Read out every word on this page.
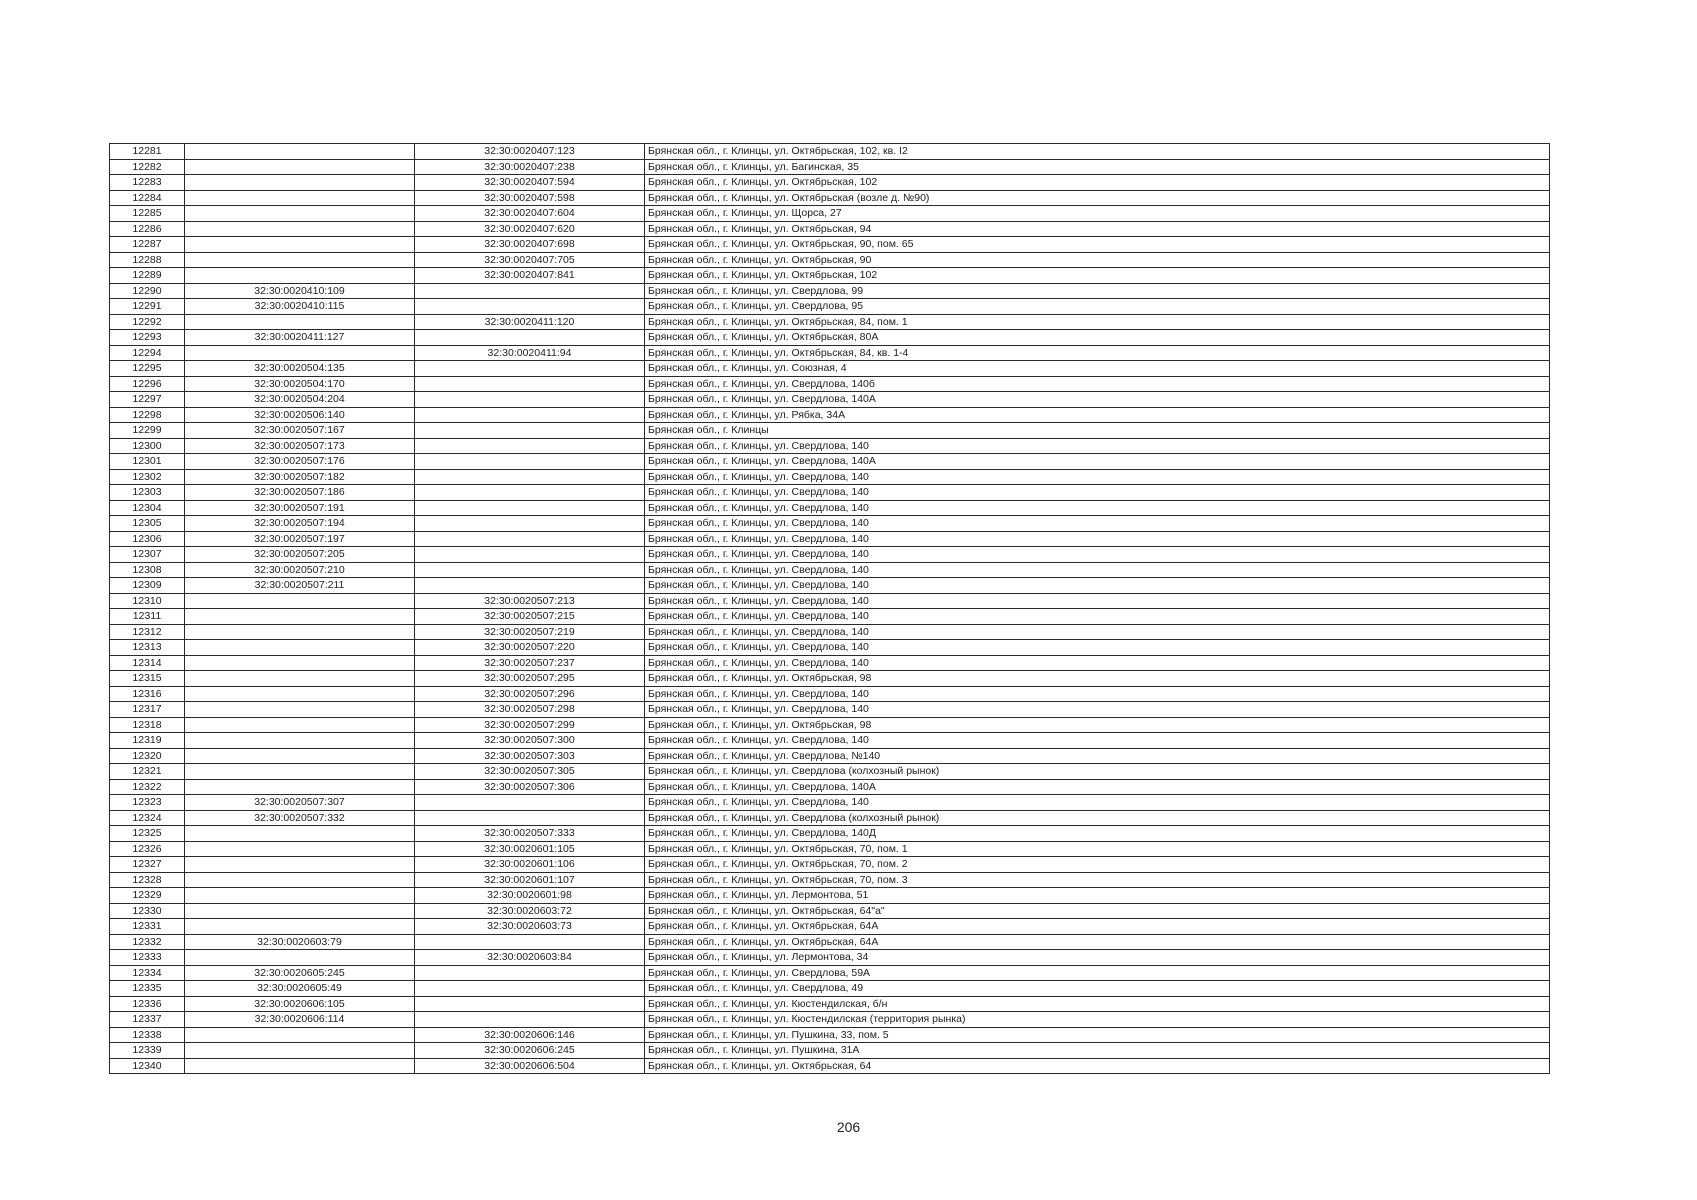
12281		32:30:0020407:123	Брянская обл., г. Клинцы, ул. Октябрьская, 102, кв. I2
12282		32:30:0020407:238	Брянская обл., г. Клинцы, ул. Багинская, 35
12283		32:30:0020407:594	Брянская обл., г. Клинцы, ул. Октябрьская, 102
12284		32:30:0020407:598	Брянская обл., г. Клинцы, ул. Октябрьская (возле д. №90)
12285		32:30:0020407:604	Брянская обл., г. Клинцы, ул. Щорса, 27
12286		32:30:0020407:620	Брянская обл., г. Клинцы, ул. Октябрьская, 94
12287		32:30:0020407:698	Брянская обл., г. Клинцы, ул. Октябрьская, 90, пом. 65
12288		32:30:0020407:705	Брянская обл., г. Клинцы, ул. Октябрьская, 90
12289		32:30:0020407:841	Брянская обл., г. Клинцы, ул. Октябрьская, 102
12290	32:30:0020410:109		Брянская обл., г. Клинцы, ул. Свердлова, 99
12291	32:30:0020410:115		Брянская обл., г. Клинцы, ул. Свердлова, 95
12292		32:30:0020411:120	Брянская обл., г. Клинцы, ул. Октябрьская, 84, пом. 1
12293	32:30:0020411:127		Брянская обл., г. Клинцы, ул. Октябрьская, 80А
12294		32:30:0020411:94	Брянская обл., г. Клинцы, ул. Октябрьская, 84, кв. 1-4
12295	32:30:0020504:135		Брянская обл., г. Клинцы, ул. Союзная, 4
12296	32:30:0020504:170		Брянская обл., г. Клинцы, ул. Свердлова, 140б
12297	32:30:0020504:204		Брянская обл., г. Клинцы, ул. Свердлова, 140А
12298	32:30:0020506:140		Брянская обл., г. Клинцы, ул. Рябка, 34А
12299	32:30:0020507:167		Брянская обл., г. Клинцы
12300	32:30:0020507:173		Брянская обл., г. Клинцы, ул. Свердлова, 140
12301	32:30:0020507:176		Брянская обл., г. Клинцы, ул. Свердлова, 140А
12302	32:30:0020507:182		Брянская обл., г. Клинцы, ул. Свердлова, 140
12303	32:30:0020507:186		Брянская обл., г. Клинцы, ул. Свердлова, 140
12304	32:30:0020507:191		Брянская обл., г. Клинцы, ул. Свердлова, 140
12305	32:30:0020507:194		Брянская обл., г. Клинцы, ул. Свердлова, 140
12306	32:30:0020507:197		Брянская обл., г. Клинцы, ул. Свердлова, 140
12307	32:30:0020507:205		Брянская обл., г. Клинцы, ул. Свердлова, 140
12308	32:30:0020507:210		Брянская обл., г. Клинцы, ул. Свердлова, 140
12309	32:30:0020507:211		Брянская обл., г. Клинцы, ул. Свердлова, 140
12310		32:30:0020507:213	Брянская обл., г. Клинцы, ул. Свердлова, 140
12311		32:30:0020507:215	Брянская обл., г. Клинцы, ул. Свердлова, 140
12312		32:30:0020507:219	Брянская обл., г. Клинцы, ул. Свердлова, 140
12313		32:30:0020507:220	Брянская обл., г. Клинцы, ул. Свердлова, 140
12314		32:30:0020507:237	Брянская обл., г. Клинцы, ул. Свердлова, 140
12315		32:30:0020507:295	Брянская обл., г. Клинцы, ул. Октябрьская, 98
12316		32:30:0020507:296	Брянская обл., г. Клинцы, ул. Свердлова, 140
12317		32:30:0020507:298	Брянская обл., г. Клинцы, ул. Свердлова, 140
12318		32:30:0020507:299	Брянская обл., г. Клинцы, ул. Октябрьская, 98
12319		32:30:0020507:300	Брянская обл., г. Клинцы, ул. Свердлова, 140
12320		32:30:0020507:303	Брянская обл., г. Клинцы, ул. Свердлова, №140
12321		32:30:0020507:305	Брянская обл., г. Клинцы, ул. Свердлова (колхозный рынок)
12322		32:30:0020507:306	Брянская обл., г. Клинцы, ул. Свердлова, 140А
12323	32:30:0020507:307		Брянская обл., г. Клинцы, ул. Свердлова, 140
12324	32:30:0020507:332		Брянская обл., г. Клинцы, ул. Свердлова (колхозный рынок)
12325		32:30:0020507:333	Брянская обл., г. Клинцы, ул. Свердлова, 140Д
12326		32:30:0020601:105	Брянская обл., г. Клинцы, ул. Октябрьская, 70, пом. 1
12327		32:30:0020601:106	Брянская обл., г. Клинцы, ул. Октябрьская, 70, пом. 2
12328		32:30:0020601:107	Брянская обл., г. Клинцы, ул. Октябрьская, 70, пом. 3
12329		32:30:0020601:98	Брянская обл., г. Клинцы, ул. Лермонтова, 51
12330		32:30:0020603:72	Брянская обл., г. Клинцы, ул. Октябрьская, 64"а"
12331		32:30:0020603:73	Брянская обл., г. Клинцы, ул. Октябрьская, 64А
12332	32:30:0020603:79		Брянская обл., г. Клинцы, ул. Октябрьская, 64А
12333		32:30:0020603:84	Брянская обл., г. Клинцы, ул. Лермонтова, 34
12334	32:30:0020605:245		Брянская обл., г. Клинцы, ул. Свердлова, 59А
12335	32:30:0020605:49		Брянская обл., г. Клинцы, ул. Свердлова, 49
12336	32:30:0020606:105		Брянская обл., г. Клинцы, ул. Кюстендилская, б/н
12337	32:30:0020606:114		Брянская обл., г. Клинцы, ул. Кюстендилская (территория рынка)
12338		32:30:0020606:146	Брянская обл., г. Клинцы, ул. Пушкина, 33, пом. 5
12339		32:30:0020606:245	Брянская обл., г. Клинцы, ул. Пушкина, 31А
12340		32:30:0020606:504	Брянская обл., г. Клинцы, ул. Октябрьская, 64
206
